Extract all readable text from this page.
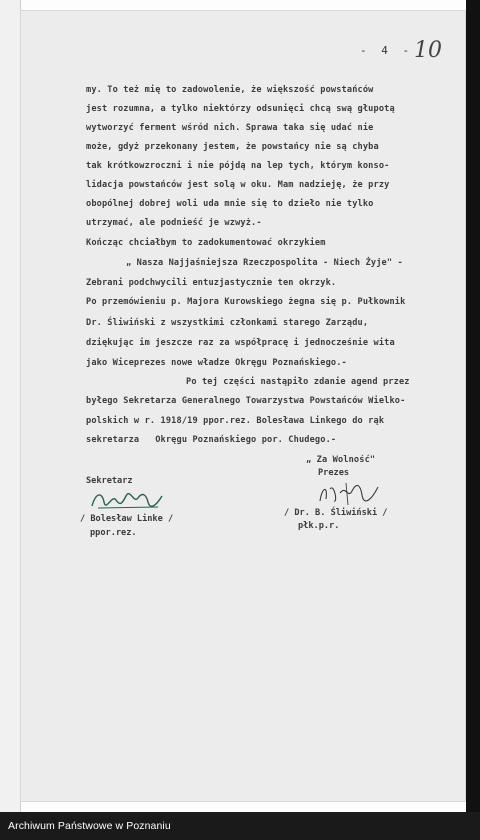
- 4 - 10
my. To też mię to zadowolenie, że większość powstańców
jest rozumna, a tylko niektórzy odsunięci chcą swą głupotą
wytworzyć ferment wśród nich. Sprawa taka się udać nie
może, gdyż przekonany jestem, że powstańcy nie są chyba
tak krótkowzroczni i nie pójdą na lep tych, którym konso-
lidacja powstańców jest solą w oku. Mam nadzieję, że przy
obopólnej dobrej woli uda mnie się to dzieło nie tylko
utrzymać, ale podnieść je wzwyż.-
Kończąc chciałbym to zadokumentować okrzykiem
„ Nasza Najjaśniejsza Rzeczpospolita - Niech Żyje" -
Zebrani podchwycili entuzjastycznie ten okrzyk.
Po przemówieniu p. Majora Kurowskiego żegna się p. Pułkownik
Dr. Śliwiński z wszystkimi członkami starego Zarządu,
dziękując im jeszcze raz za współpracę i jednocześnie wita
jako Wiceprezes nowe władze Okręgu Poznańskiego.-
Po tej części nastąpiło zdanie agend przez
byłego Sekretarza Generalnego Towarzystwa Powstańców Wielko-
polskich w r. 1918/19 ppor.rez. Bolesława Linkego do rąk
sekretarza   Okręgu Poznańskiego por. Chudego.-
„ Za Wolność"
Sekretarz
Prezes
/ Bolesław Linke /
ppor.rez.
/ Dr. B. Śliwiński /
płk.p.r.
Archiwum Państwowe w Poznaniu
